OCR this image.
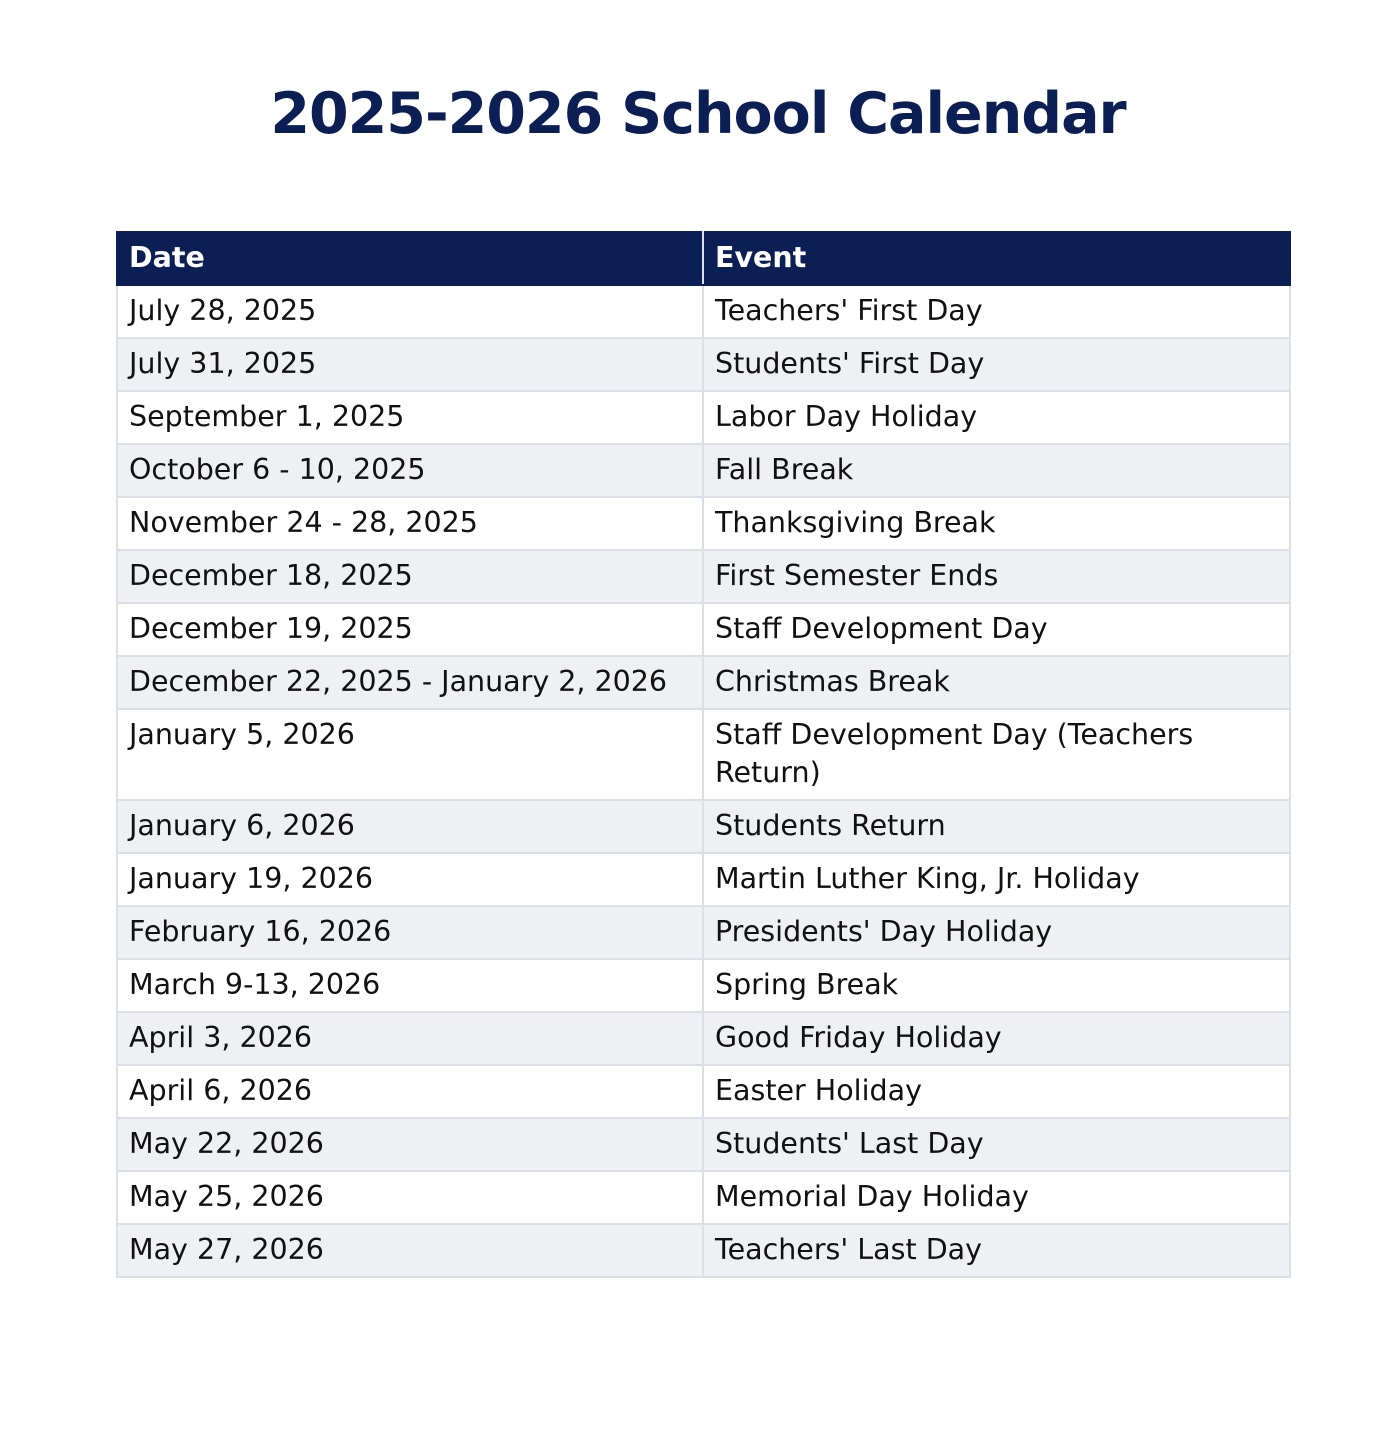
2025-2026 School Calendar
Date	Event
July 28, 2025	Teachers' First Day
July 31, 2025	Students' First Day
September 1, 2025	Labor Day Holiday
October 6 - 10, 2025	Fall Break
November 24 - 28, 2025	Thanksgiving Break
December 18, 2025	First Semester Ends
December 19, 2025	Staff Development Day
December 22, 2025 - January 2, 2026	Christmas Break
January 5, 2026	Staff Development Day (Teachers Return)
January 6, 2026	Students Return
January 19, 2026	Martin Luther King, Jr. Holiday
February 16, 2026	Presidents' Day Holiday
March 9-13, 2026	Spring Break
April 3, 2026	Good Friday Holiday
April 6, 2026	Easter Holiday
May 22, 2026	Students' Last Day
May 25, 2026	Memorial Day Holiday
May 27, 2026	Teachers' Last Day
